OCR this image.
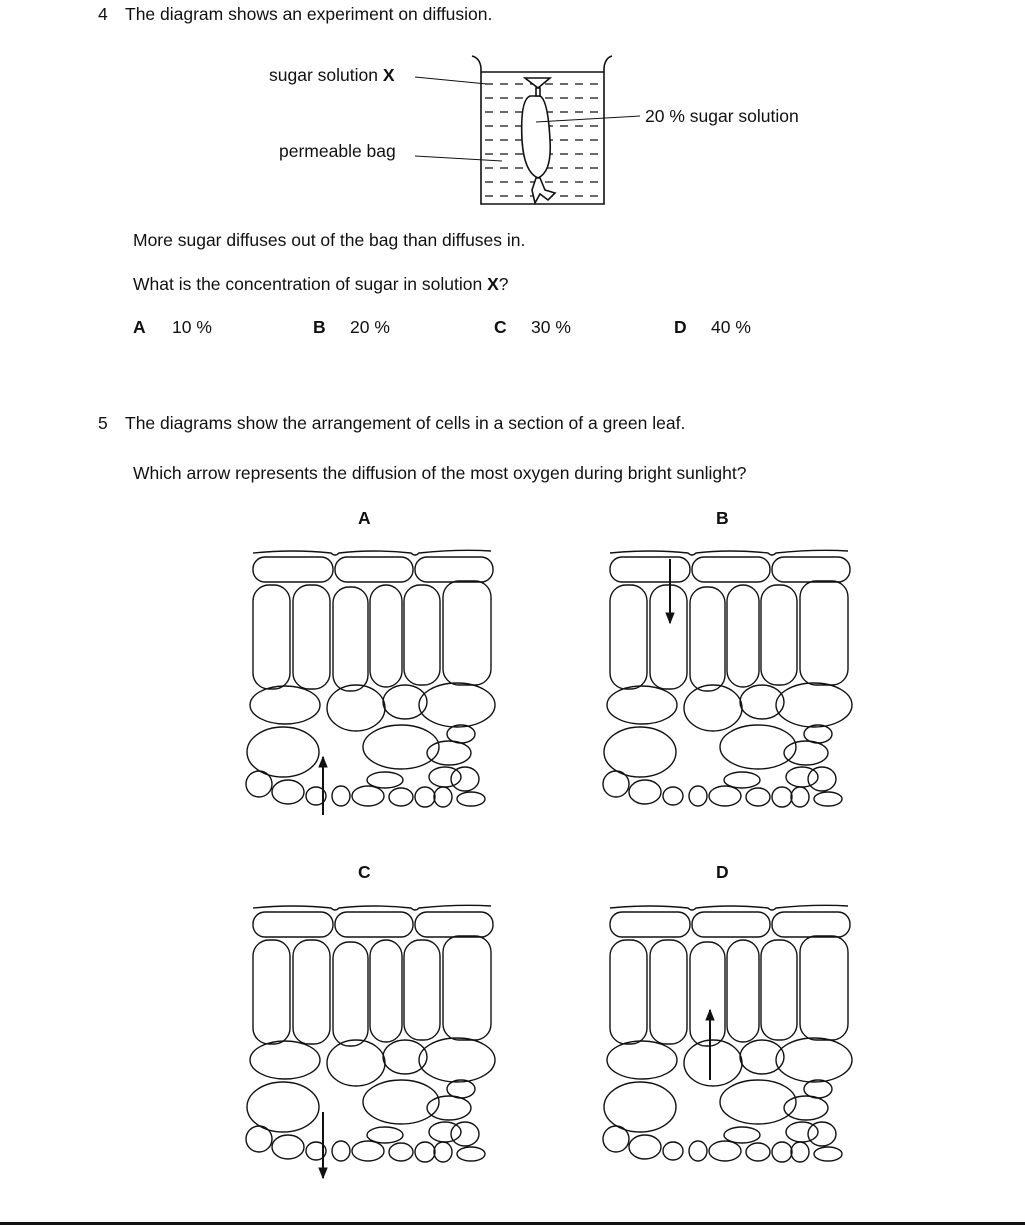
4 The diagram shows an experiment on diffusion.
sugar solution X
permeable bag
20 % sugar solution
More sugar diffuses out of the bag than diffuses in.
What is the concentration of sugar in solution X?
A 10 %	B 20 %	C 30 %	D 40 %
5 The diagrams show the arrangement of cells in a section of a green leaf.
Which arrow represents the diffusion of the most oxygen during bright sunlight?
A	B
C	D
